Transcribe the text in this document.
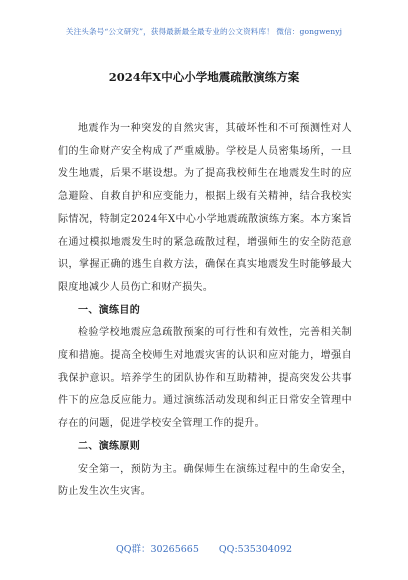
关注头条号“公文研究”，获得最新最全最专业的公文资料库！ 微信：gongwenyj
2024年X中心小学地震疏散演练方案

地震作为一种突发的自然灾害，其破坏性和不可预测性对人们的生命财产安全构成了严重威胁。学校是人员密集场所，一旦发生地震，后果不堪设想。为了提高我校师生在地震发生时的应急避险、自救自护和应变能力，根据上级有关精神，结合我校实际情况，特制定2024年X中心小学地震疏散演练方案。本方案旨在通过模拟地震发生时的紧急疏散过程，增强师生的安全防范意识，掌握正确的逃生自救方法，确保在真实地震发生时能够最大限度地减少人员伤亡和财产损失。

一、演练目的

检验学校地震应急疏散预案的可行性和有效性，完善相关制度和措施。提高全校师生对地震灾害的认识和应对能力，增强自我保护意识。培养学生的团队协作和互助精神，提高突发公共事件下的应急反应能力。通过演练活动发现和纠正日常安全管理中存在的问题，促进学校安全管理工作的提升。

二、演练原则

安全第一，预防为主。确保师生在演练过程中的生命安全，防止发生次生灾害。

QQ群：30265665 QQ:535304092
